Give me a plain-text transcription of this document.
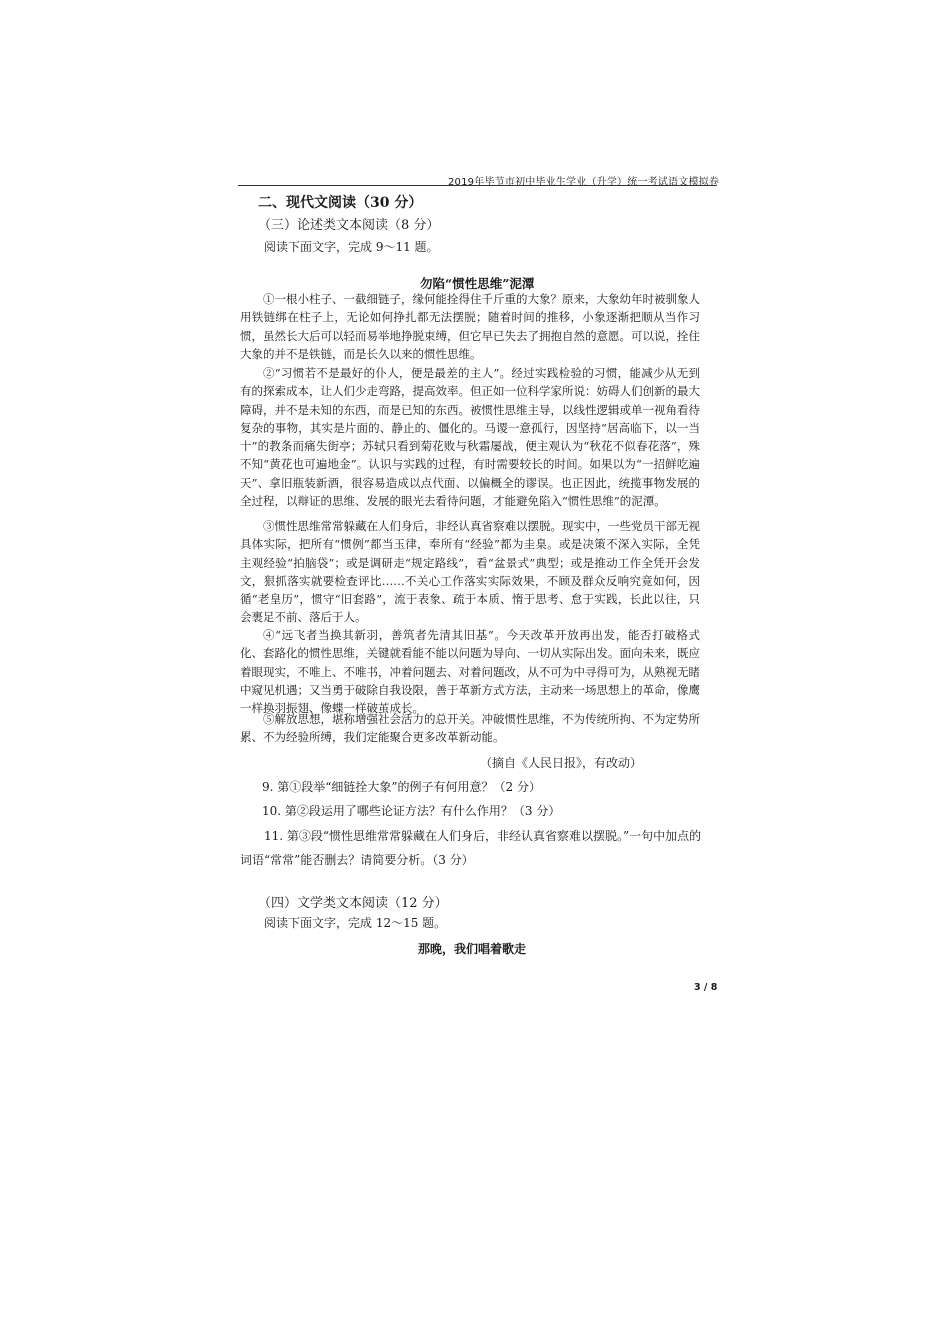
2019年毕节市初中毕业生学业（升学）统一考试语文模拟卷
二、现代文阅读（30 分）
（三）论述类文本阅读（8 分）
阅读下面文字，完成 9～11 题。
勿陷“惯性思维”泥潭
①一根小柱子、一截细链子，缘何能拴得住千斤重的大象？原来，大象幼年时被驯象人用铁链绑在柱子上，无论如何挣扎都无法摆脱；随着时间的推移，小象逐渐把顺从当作习惯，虽然长大后可以轻而易举地挣脱束缚，但它早已失去了拥抱自然的意愿。可以说，拴住大象的并不是铁链，而是长久以来的惯性思维。
②“习惯若不是最好的仆人，便是最差的主人”。经过实践检验的习惯，能减少从无到有的探索成本，让人们少走弯路，提高效率。但正如一位科学家所说：妨碍人们创新的最大障碍，并不是未知的东西，而是已知的东西。被惯性思维主导，以线性逻辑或单一视角看待复杂的事物，其实是片面的、静止的、僵化的。马谡一意孤行，因坚持“居高临下，以一当十”的教条而痛失街亭；苏轼只看到菊花败与秋霜屡战，便主观认为“秋花不似春花落”，殊不知“黄花也可遍地金”。认识与实践的过程，有时需要较长的时间。如果以为“一招鲜吃遍天”、拿旧瓶装新酒，很容易造成以点代面、以偏概全的谬误。也正因此，统揽事物发展的全过程，以辩证的思维、发展的眼光去看待问题，才能避免陷入“惯性思维”的泥潭。
③惯性思维常常躲藏在人们身后，非经认真省察难以摆脱。现实中，一些党员干部无视具体实际，把所有“惯例”都当玉律，奉所有“经验”都为圭臬。或是决策不深入实际，全凭主观经验“拍脑袋”；或是调研走“规定路线”，看“盆景式”典型；或是推动工作全凭开会发文，狠抓落实就要检查评比……不关心工作落实实际效果，不顾及群众反响究竟如何，因循“老皇历”，惯守“旧套路”，流于表象、疏于本质、惰于思考、怠于实践，长此以往，只会裹足不前、落后于人。
④“远飞者当换其新羽，善筑者先清其旧基”。今天改革开放再出发，能否打破格式化、套路化的惯性思维，关键就看能不能以问题为导向、一切从实际出发。面向未来，既应着眼现实，不唯上、不唯书，冲着问题去、对着问题改，从不可为中寻得可为，从熟视无睹中窥见机遇；又当勇于破除自我设限，善于革新方式方法，主动来一场思想上的革命，像鹰一样换羽振翅、像蝶一样破茧成长。
⑤解放思想，堪称增强社会活力的总开关。冲破惯性思维，不为传统所拘、不为定势所累、不为经验所缚，我们定能聚合更多改革新动能。
（摘自《人民日报》，有改动）
9. 第①段举“细链拴大象”的例子有何用意？（2 分）
10. 第②段运用了哪些论证方法？有什么作用？（3 分）
11. 第③段“惯性思维常常躲藏在人们身后，非经认真省察难以摆脱。”一句中加点的词语“常常”能否删去？请简要分析。（3 分）
（四）文学类文本阅读（12 分）
阅读下面文字，完成 12～15 题。
那晚，我们唱着歌走
3 / 8
